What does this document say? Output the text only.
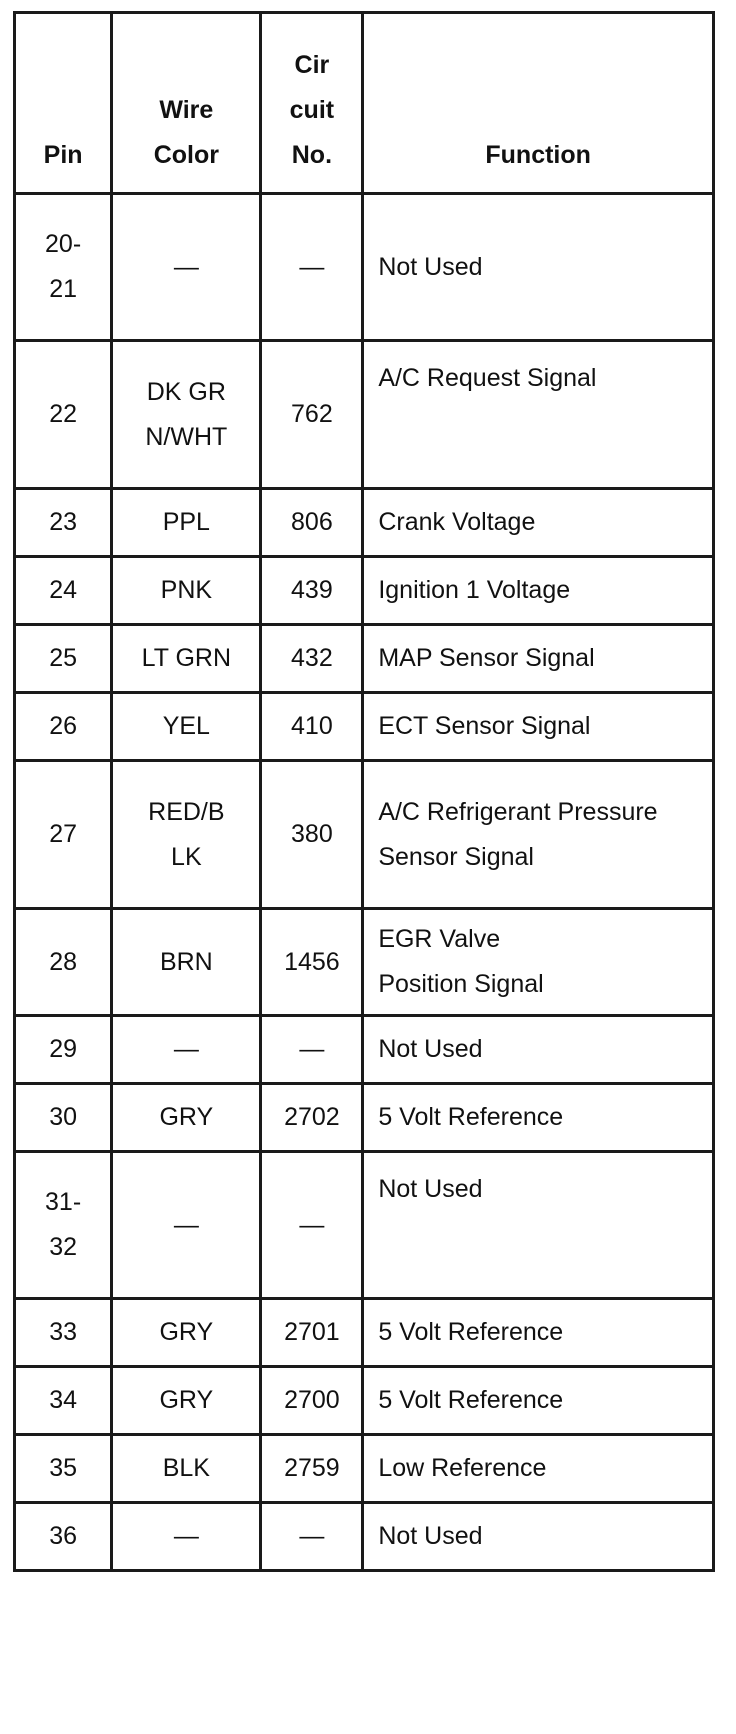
Pin	Wire Color	Cir cuit No.	Function

20-21	—	—	Not Used
22	DK GRN/WHT	762	A/C Request Signal
23	PPL	806	Crank Voltage
24	PNK	439	Ignition 1 Voltage
25	LT GRN	432	MAP Sensor Signal
26	YEL	410	ECT Sensor Signal
27	RED/BLK	380	A/C Refrigerant Pressure Sensor Signal
28	BRN	1456	EGR Valve Position Signal

29	—	—	Not Used
30	GRY	2702	5 Volt Reference

31-32	—	—	Not Used
33	GRY	2701	5 Volt Reference
34	GRY	2700	5 Volt Reference
35	BLK	2759	Low Reference
36	—	—	Not Used
